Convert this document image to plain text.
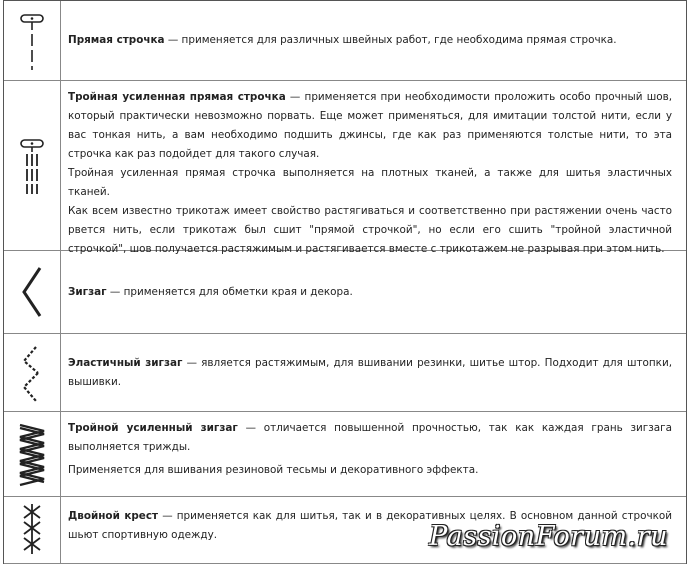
Прямая строчка — применяется для различных швейных работ, где необходима прямая строчка.

Тройная усиленная прямая строчка — применяется при необходимости проложить особо прочный шов, который практически невозможно порвать. Еще может применяться, для имитации толстой нити, если у вас тонкая нить, а вам необходимо подшить джинсы, где как раз применяются толстые нити, то эта строчка как раз подойдет для такого случая.

Тройная усиленная прямая строчка выполняется на плотных тканей, а также для шитья эластичных тканей.

Как всем известно трикотаж имеет свойство растягиваться и соответственно при растяжении очень часто рвется нить, если трикотаж был сшит "прямой строчкой", но если его сшить "тройной эластичной строчкой", шов получается растяжимым и растягивается вместе с трикотажем не разрывая при этом нить.

Зигзаг — применяется для обметки края и декора.

Эластичный зигзаг — является растяжимым, для вшивании резинки, шитье штор. Подходит для штопки, вышивки.

Тройной усиленный зигзаг — отличается повышенной прочностью, так как каждая грань зигзага выполняется трижды.

Применяется для вшивания резиновой тесьмы и декоративного эффекта.

Двойной крест — применяется как для шитья, так и в декоративных целях. В основном данной строчкой шьют спортивную одежду.	PassionForum.ru
